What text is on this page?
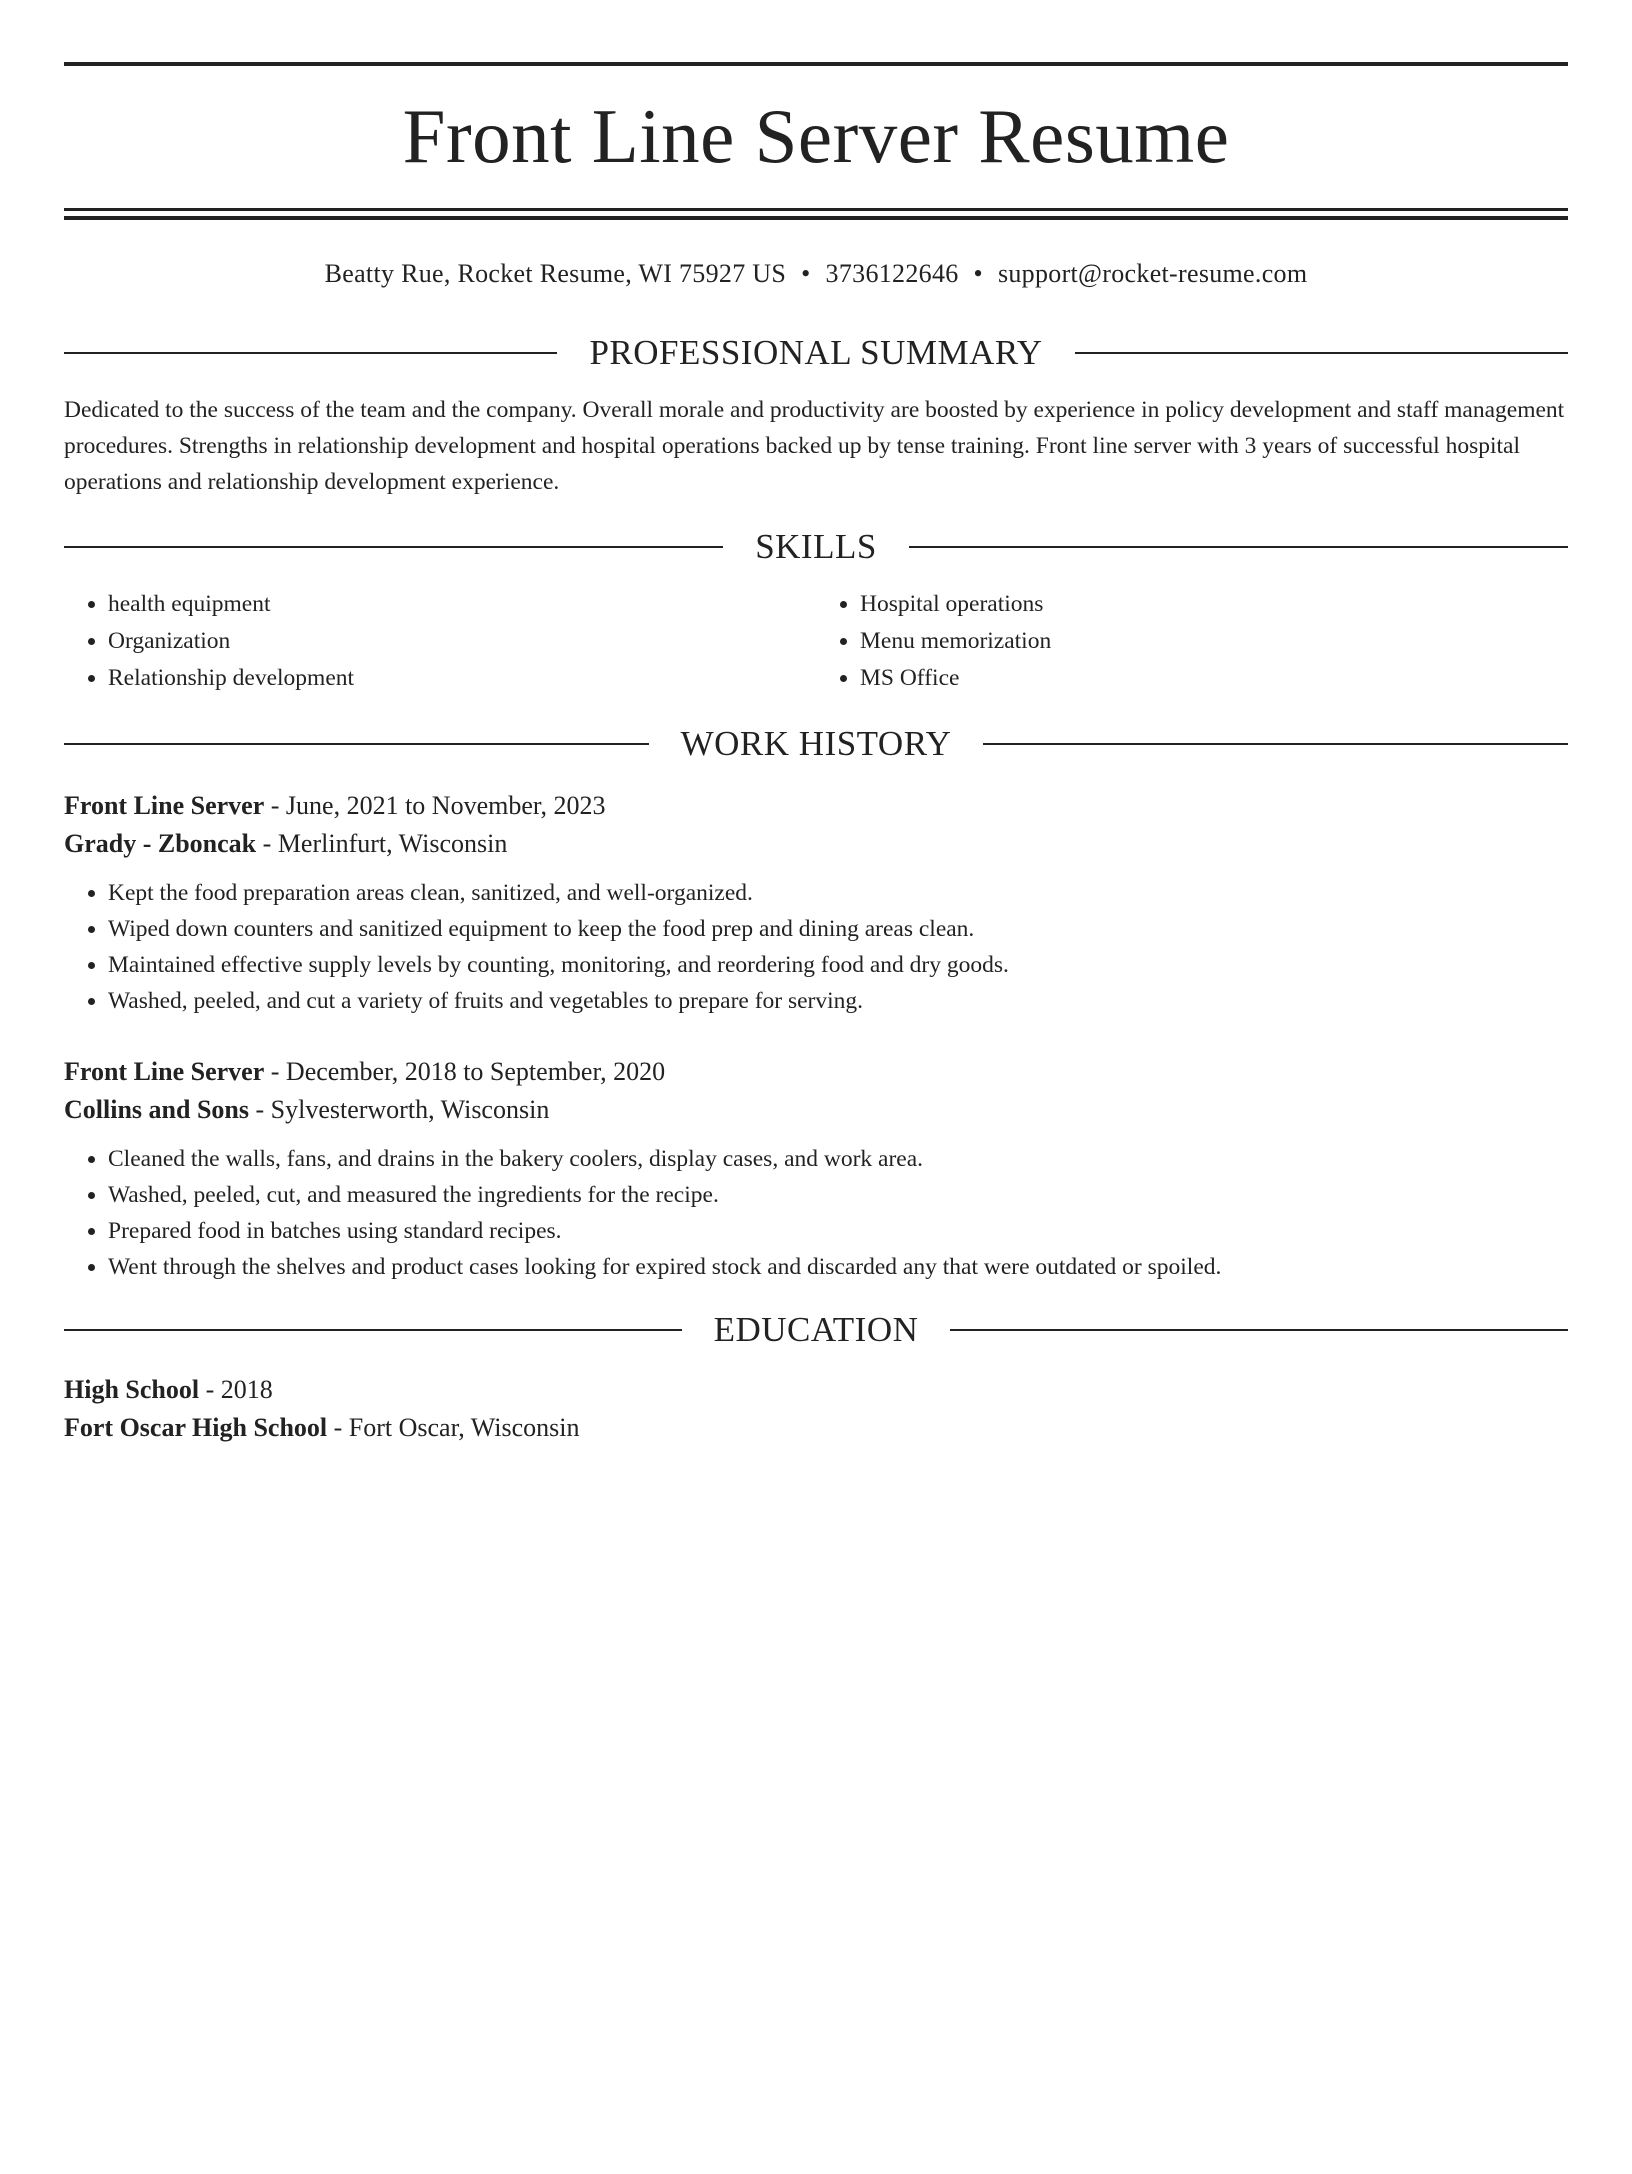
Front Line Server Resume
Beatty Rue, Rocket Resume, WI 75927 US • 3736122646 • support@rocket-resume.com
PROFESSIONAL SUMMARY

Dedicated to the success of the team and the company. Overall morale and productivity are boosted by experience in policy development and staff management procedures. Strengths in relationship development and hospital operations backed up by tense training. Front line server with 3 years of successful hospital operations and relationship development experience.

SKILLS
• health equipment
• Organization
• Relationship development
• Hospital operations
• Menu memorization
• MS Office
WORK HISTORY
Front Line Server - June, 2021 to November, 2023
Grady - Zboncak - Merlinfurt, Wisconsin
• Kept the food preparation areas clean, sanitized, and well-organized.
• Wiped down counters and sanitized equipment to keep the food prep and dining areas clean.
• Maintained effective supply levels by counting, monitoring, and reordering food and dry goods.
• Washed, peeled, and cut a variety of fruits and vegetables to prepare for serving.
Front Line Server - December, 2018 to September, 2020
Collins and Sons - Sylvesterworth, Wisconsin
• Cleaned the walls, fans, and drains in the bakery coolers, display cases, and work area.
• Washed, peeled, cut, and measured the ingredients for the recipe.
• Prepared food in batches using standard recipes.
• Went through the shelves and product cases looking for expired stock and discarded any that were outdated or spoiled.
EDUCATION
High School - 2018
Fort Oscar High School - Fort Oscar, Wisconsin
